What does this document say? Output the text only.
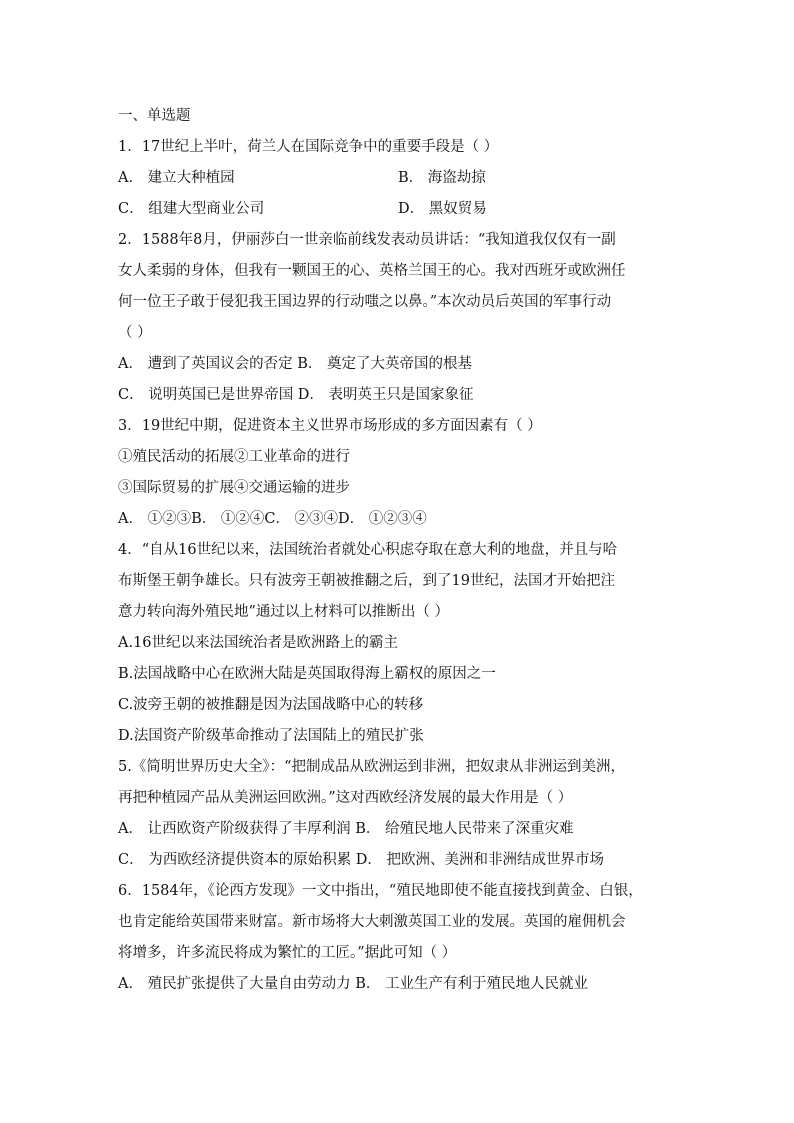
一、单选题
1．17世纪上半叶，荷兰人在国际竞争中的重要手段是（ ）
A． 建立大种植园	B． 海盗劫掠
C． 组建大型商业公司	D． 黑奴贸易
2．1588年8月，伊丽莎白一世亲临前线发表动员讲话：“我知道我仅仅有一副
女人柔弱的身体，但我有一颗国王的心、英格兰国王的心。我对西班牙或欧洲任
何一位王子敢于侵犯我王国边界的行动嗤之以鼻。”本次动员后英国的军事行动
（ ）
A． 遭到了英国议会的否定 B． 奠定了大英帝国的根基
C． 说明英国已是世界帝国 D． 表明英王只是国家象征
3．19世纪中期，促进资本主义世界市场形成的多方面因素有（ ）
①殖民活动的拓展②工业革命的进行
③国际贸易的扩展④交通运输的进步
A． ①②③B． ①②④C． ②③④D． ①②③④
4．“自从16世纪以来，法国统治者就处心积虑夺取在意大利的地盘，并且与哈
布斯堡王朝争雄长。只有波旁王朝被推翻之后，到了19世纪，法国才开始把注
意力转向海外殖民地”通过以上材料可以推断出（ ）
A.16世纪以来法国统治者是欧洲路上的霸主
B.法国战略中心在欧洲大陆是英国取得海上霸权的原因之一
C.波旁王朝的被推翻是因为法国战略中心的转移
D.法国资产阶级革命推动了法国陆上的殖民扩张
5.《简明世界历史大全》：“把制成品从欧洲运到非洲，把奴隶从非洲运到美洲，
再把种植园产品从美洲运回欧洲。”这对西欧经济发展的最大作用是（ ）
A． 让西欧资产阶级获得了丰厚利润 B． 给殖民地人民带来了深重灾难
C． 为西欧经济提供资本的原始积累 D． 把欧洲、美洲和非洲结成世界市场
6．1584年，《论西方发现》一文中指出，“殖民地即使不能直接找到黄金、白银，
也肯定能给英国带来财富。新市场将大大刺激英国工业的发展。英国的雇佣机会
将增多，许多流民将成为繁忙的工匠。”据此可知（ ）
A． 殖民扩张提供了大量自由劳动力 B． 工业生产有利于殖民地人民就业
